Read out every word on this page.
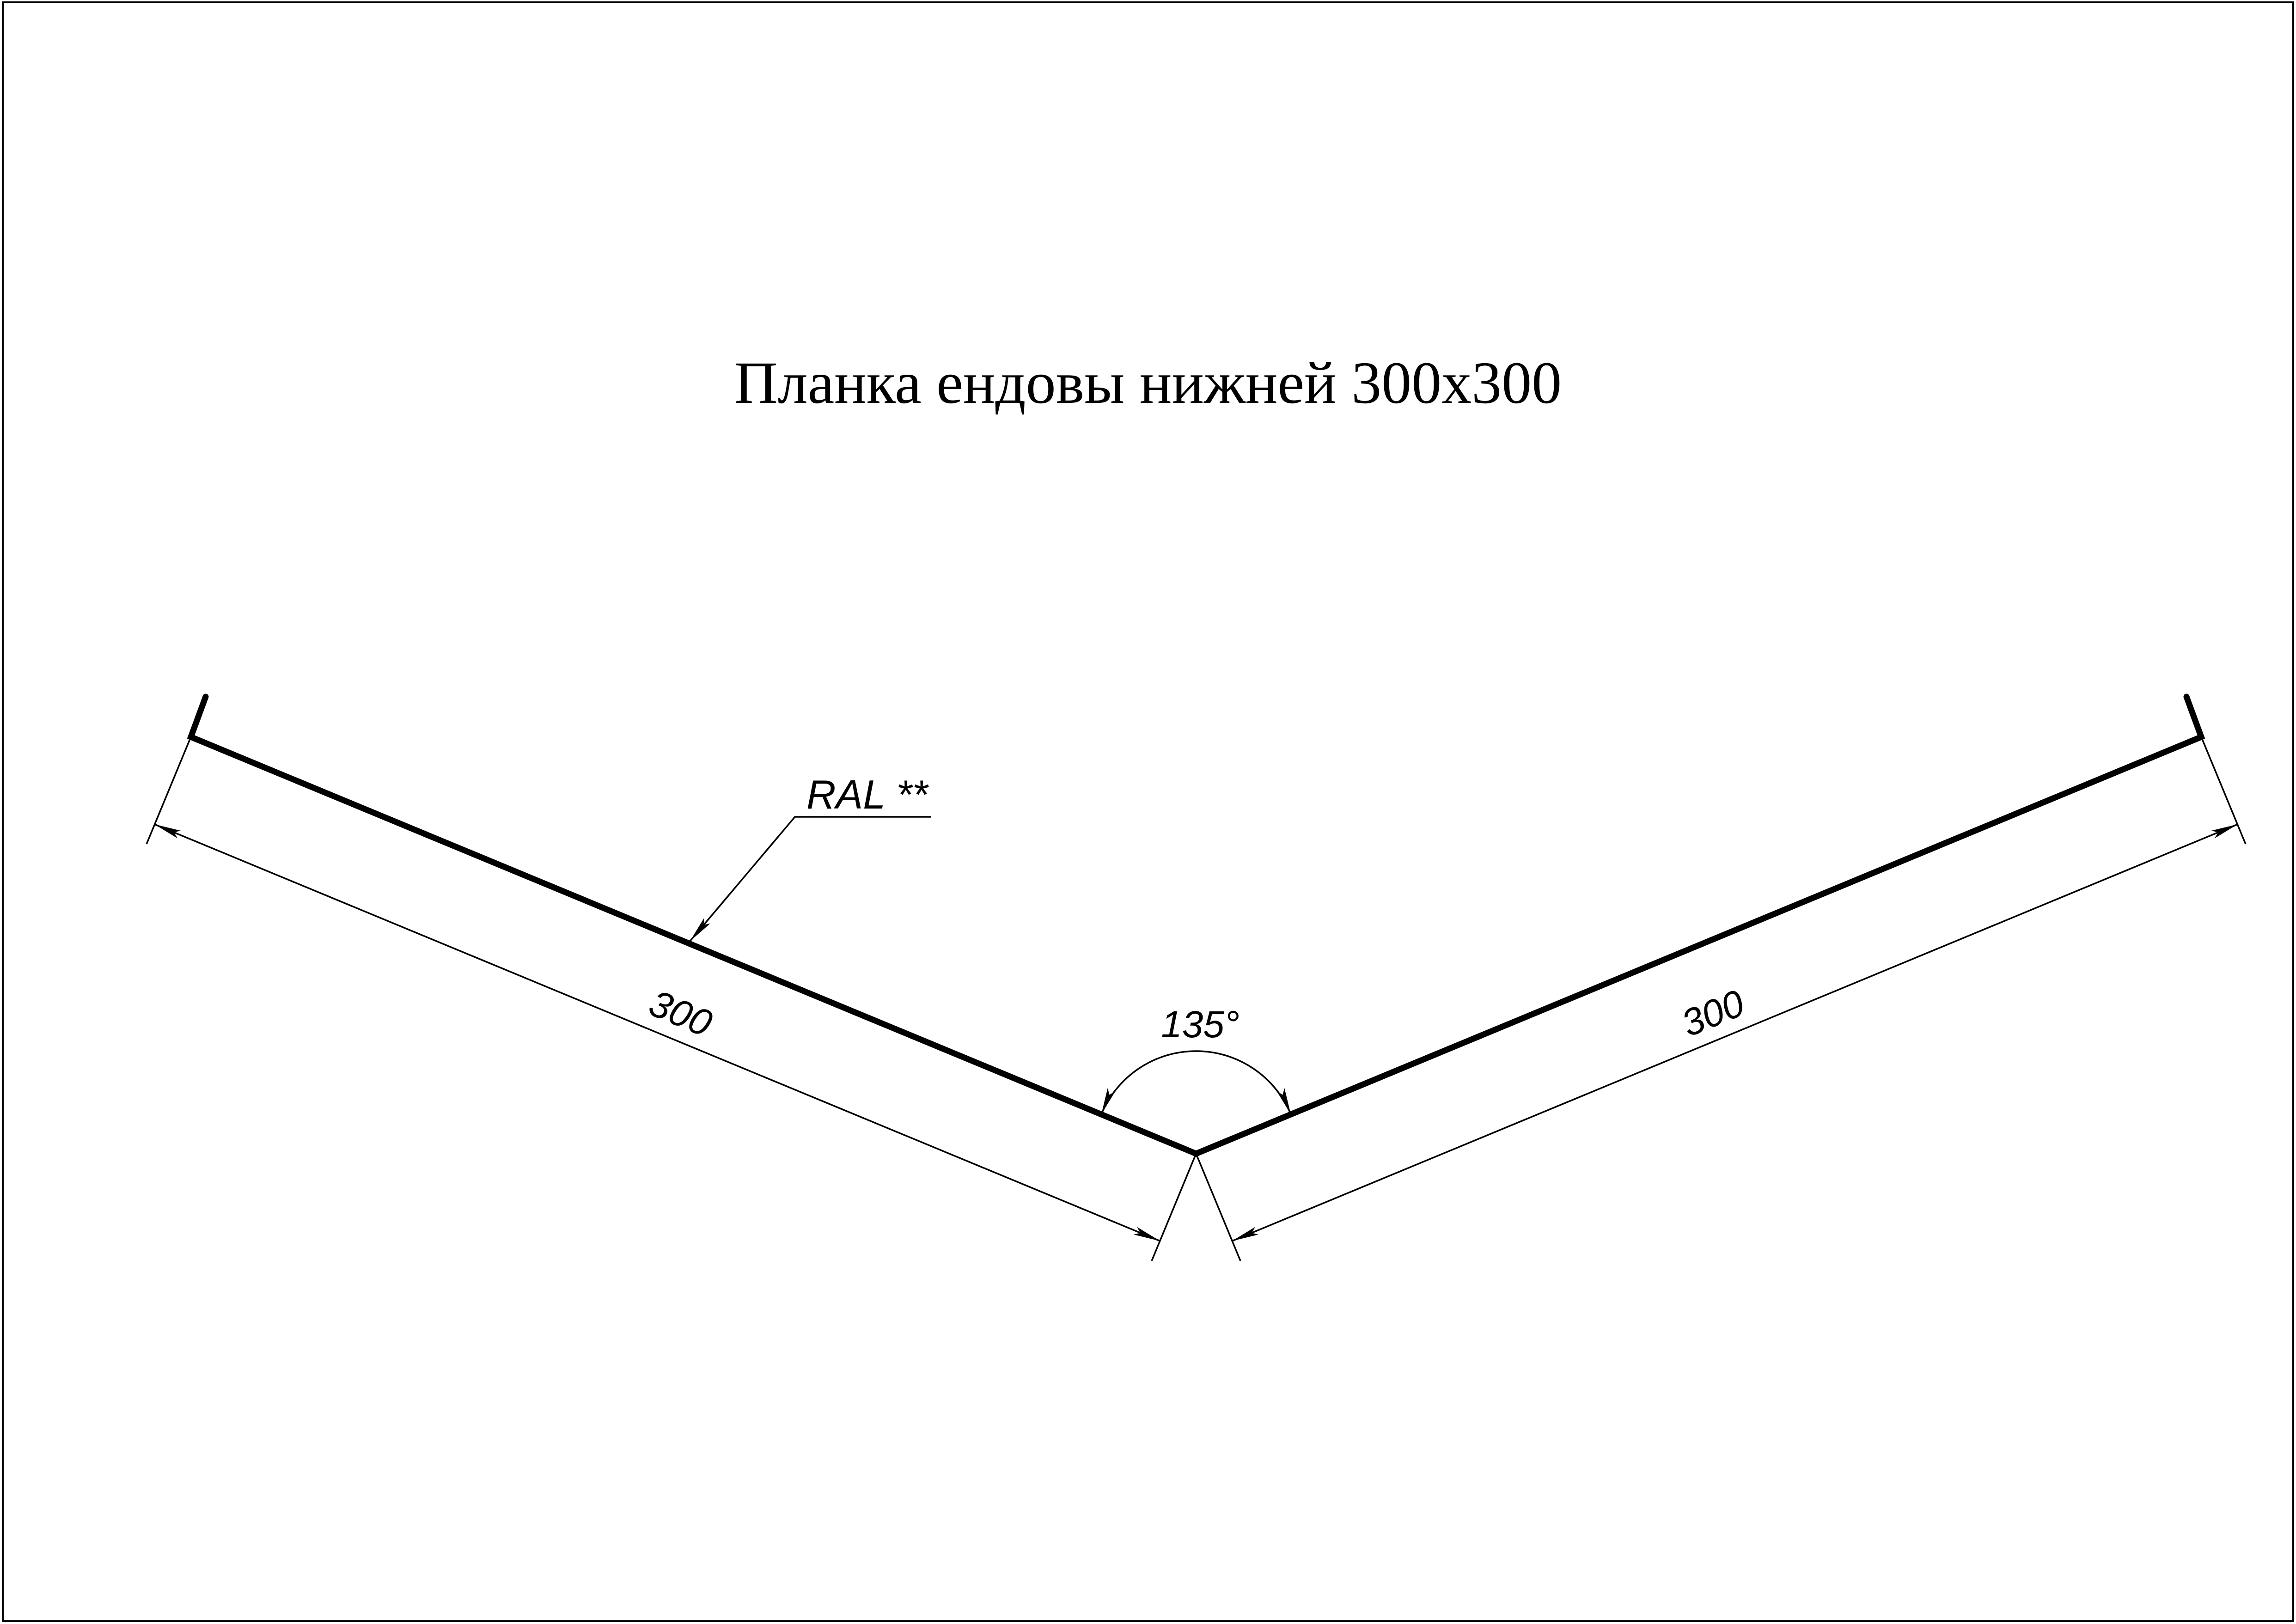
Планка ендовы нижней 300х300
300	300
135°
RAL **
